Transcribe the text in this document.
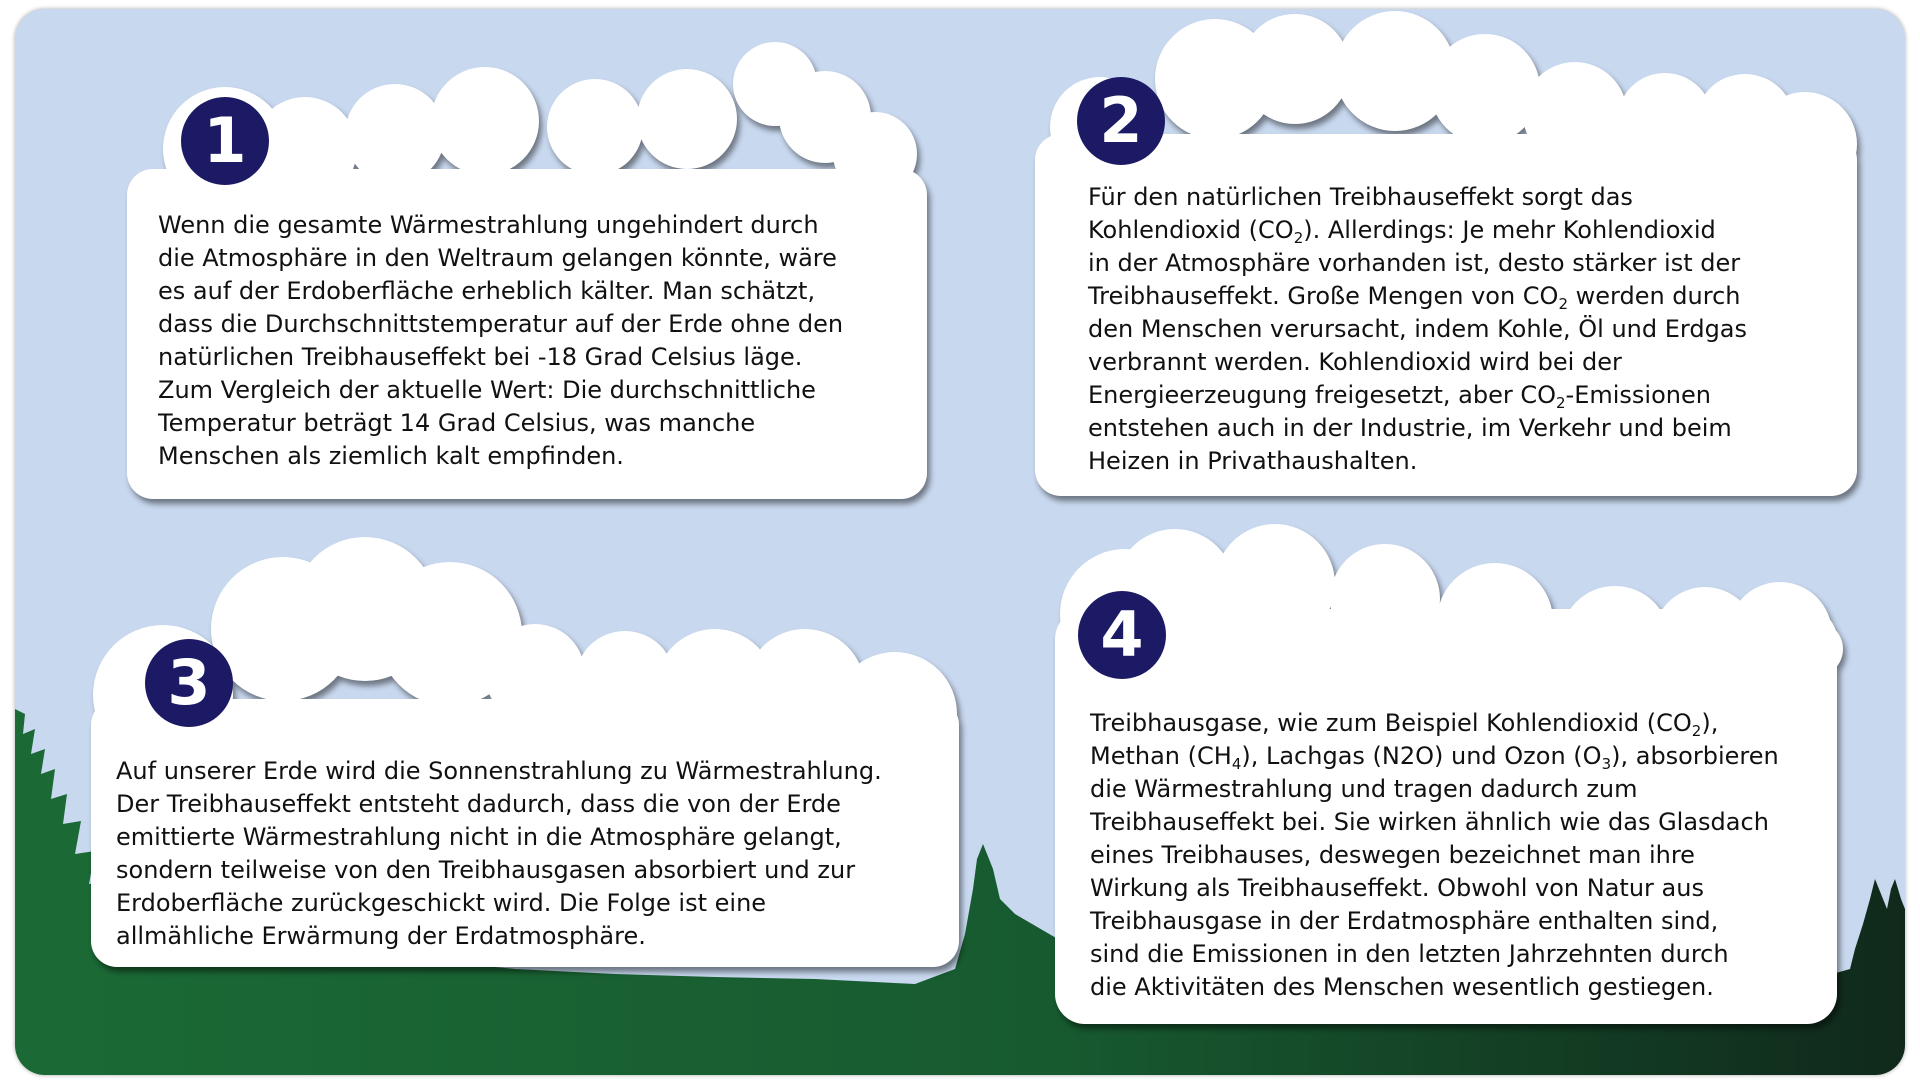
1	2
3
4

Wenn die gesamte Wärmestrahlung ungehindert durch
die Atmosphäre in den Weltraum gelangen könnte, wäre
es auf der Erdoberfläche erheblich kälter. Man schätzt,
dass die Durchschnittstemperatur auf der Erde ohne den
natürlichen Treibhauseffekt bei -18 Grad Celsius läge.
Zum Vergleich der aktuelle Wert: Die durchschnittliche
Temperatur beträgt 14 Grad Celsius, was manche
Menschen als ziemlich kalt empfinden.

Für den natürlichen Treibhauseffekt sorgt das
Kohlendioxid $(CO_2)$. Allerdings: Je mehr Kohlendioxid
in der Atmosphäre vorhanden ist, desto stärker ist der
Treibhauseffekt. Große Mengen von $CO_2$ werden durch
den Menschen verursacht, indem Kohle, Öl und Erdgas
verbrannt werden. Kohlendioxid wird bei der
Energieerzeugung freigesetzt, aber $CO_2$-Emissionen
entstehen auch in der Industrie, im Verkehr und beim
Heizen in Privathaushalten.

Auf unserer Erde wird die Sonnenstrahlung zu Wärmestrahlung.
Der Treibhauseffekt entsteht dadurch, dass die von der Erde
emittierte Wärmestrahlung nicht in die Atmosphäre gelangt,
sondern teilweise von den Treibhausgasen absorbiert und zur
Erdoberfläche zurückgeschickt wird. Die Folge ist eine
allmähliche Erwärmung der Erdatmosphäre.

Treibhausgase, wie zum Beispiel Kohlendioxid $(CO_2)$,
Methan $(CH_4)$, Lachgas (N2O) und Ozon $(O_3)$, absorbieren
die Wärmestrahlung und tragen dadurch zum
Treibhauseffekt bei. Sie wirken ähnlich wie das Glasdach
eines Treibhauses, deswegen bezeichnet man ihre
Wirkung als Treibhauseffekt. Obwohl von Natur aus
Treibhausgase in der Erdatmosphäre enthalten sind,
sind die Emissionen in den letzten Jahrzehnten durch
die Aktivitäten des Menschen wesentlich gestiegen.
